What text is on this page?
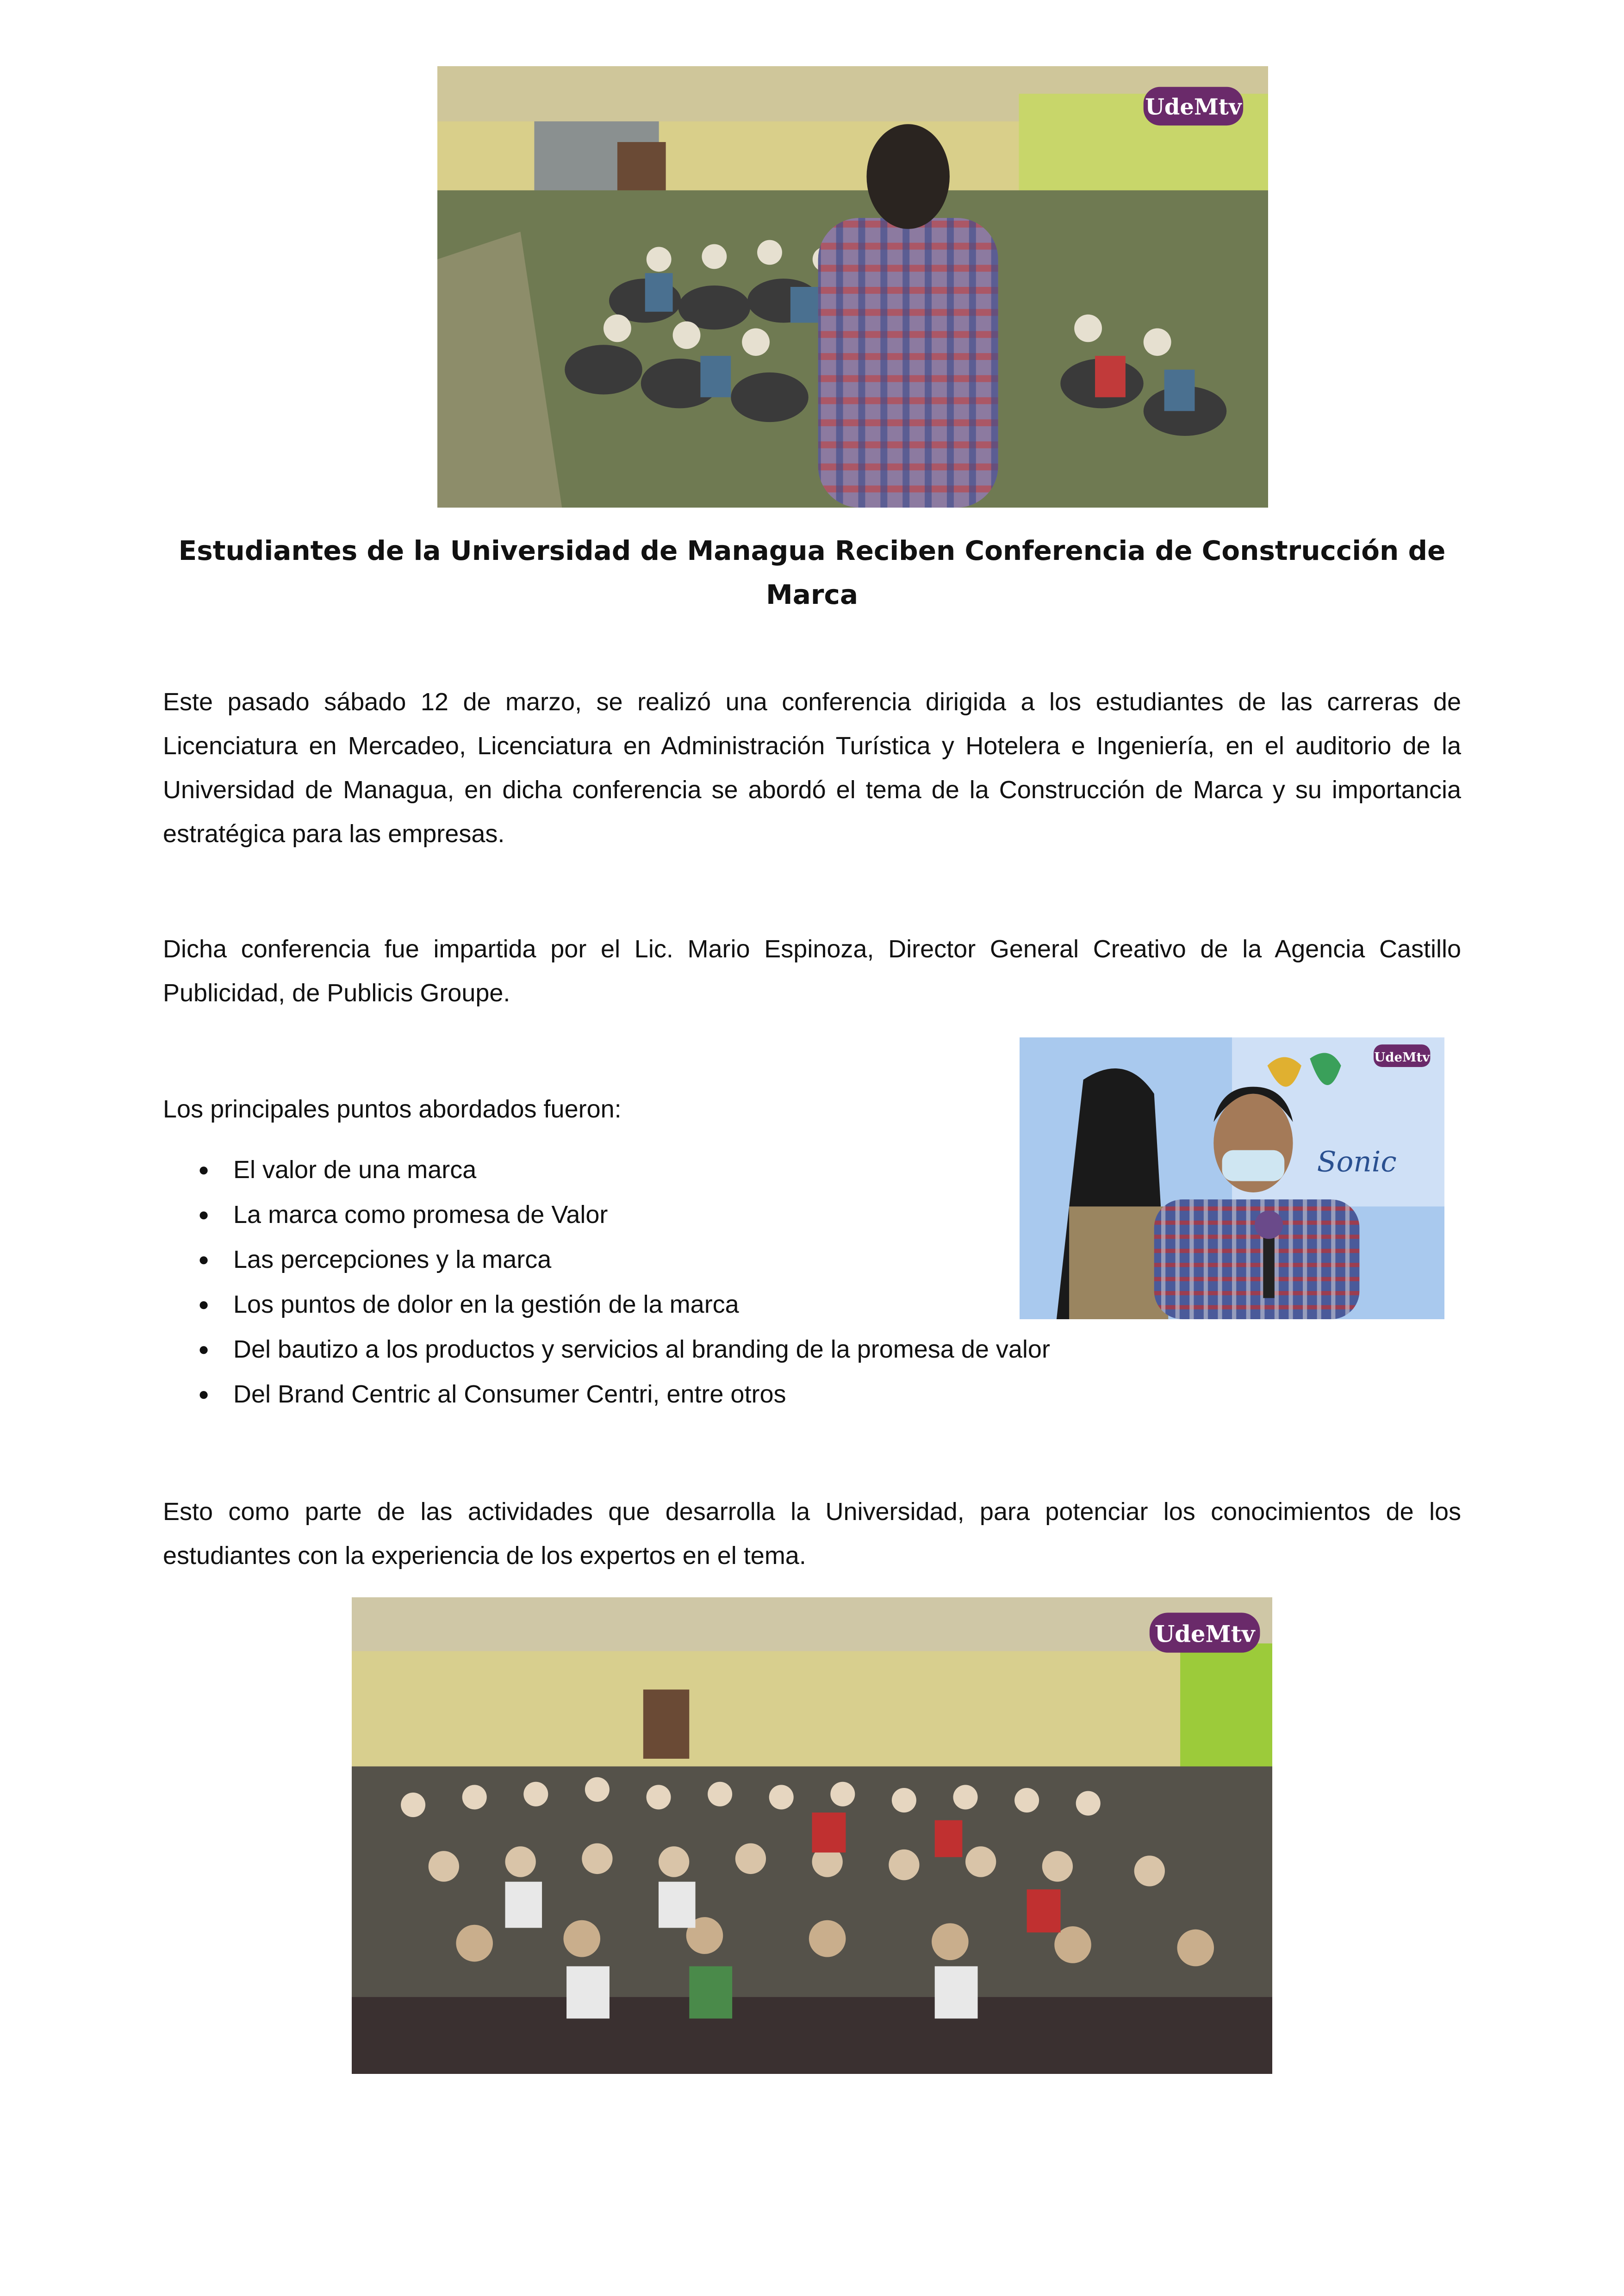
UdeMtv
Estudiantes de la Universidad de Managua Reciben Conferencia de Construcción de Marca

Este pasado sábado 12 de marzo, se realizó una conferencia dirigida a los estudiantes de las carreras de Licenciatura en Mercadeo, Licenciatura en Administración Turística y Hotelera e Ingeniería, en el auditorio de la Universidad de Managua, en dicha conferencia se abordó el tema de la Construcción de Marca y su importancia estratégica para las empresas.

Dicha conferencia fue impartida por el Lic. Mario Espinoza, Director General Creativo de la Agencia Castillo Publicidad, de Publicis Groupe.

Sonic
UdeMtv

Los principales puntos abordados fueron:

● El valor de una marca
● La marca como promesa de Valor
● Las percepciones y la marca
● Los puntos de dolor en la gestión de la marca
● Del bautizo a los productos y servicios al branding de la promesa de valor
● Del Brand Centric al Consumer Centri, entre otros

Esto como parte de las actividades que desarrolla la Universidad, para potenciar los conocimientos de los estudiantes con la experiencia de los expertos en el tema.

UdeMtv
